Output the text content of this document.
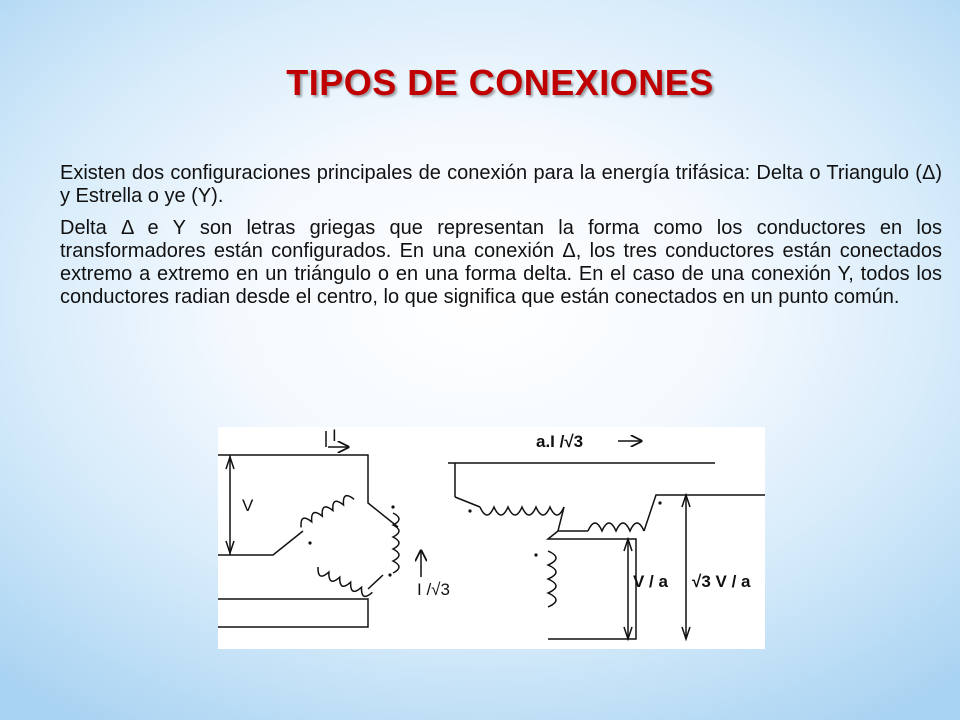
TIPOS DE CONEXIONES

Existen dos configuraciones principales de conexión para la energía trifásica: Delta o Triangulo (Δ) y Estrella o ye (Y).

Delta Δ e Y son letras griegas que representan la forma como los conductores en los transformadores están configurados. En una conexión Δ, los tres conductores están conectados extremo a extremo en un triángulo o en una forma delta. En el caso de una conexión Y, todos los conductores radian desde el centro, lo que significa que están conectados en un punto común.

V
I
I /√3
a.I /√3
V / a √3 V / a
